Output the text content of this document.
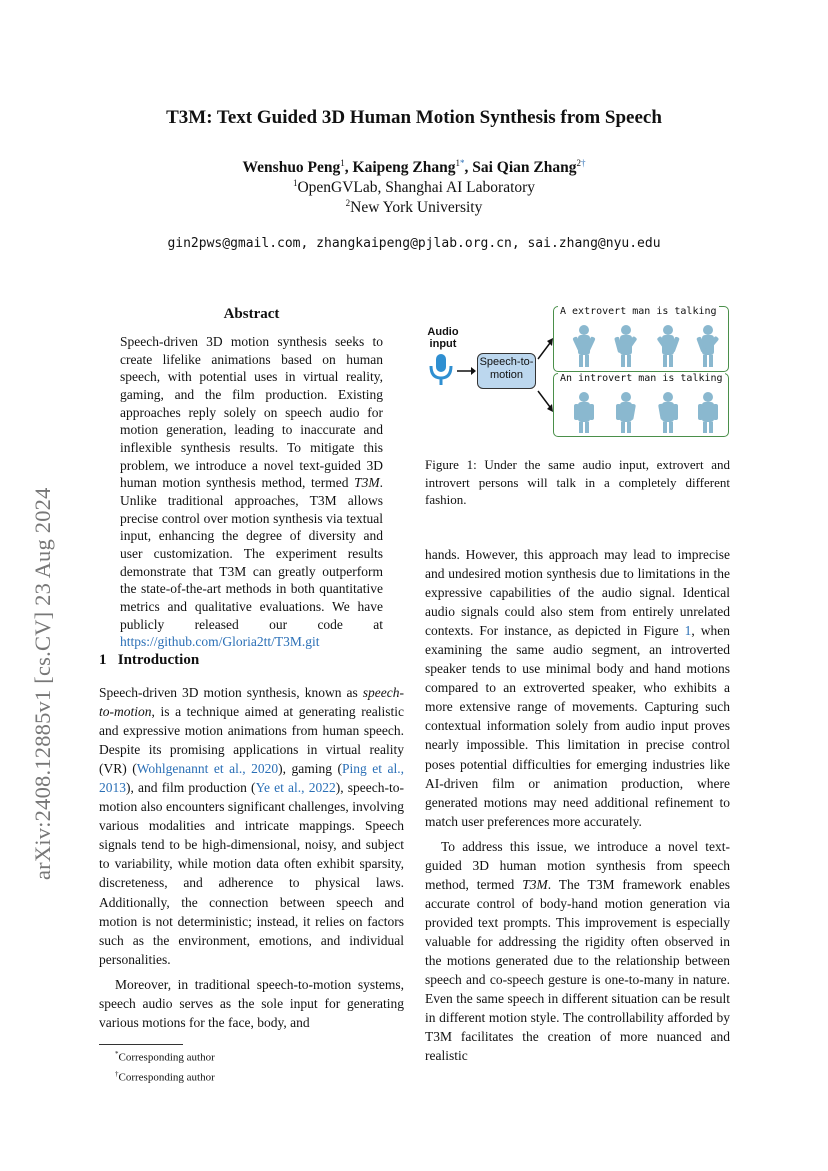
arXiv:2408.12885v1 [cs.CV] 23 Aug 2024
T3M: Text Guided 3D Human Motion Synthesis from Speech
Wenshuo Peng$^1$, Kaipeng Zhang$^{1*}$, Sai Qian Zhang$^{2\dagger}$
$^1$OpenGVLab, Shanghai AI Laboratory
$^2$New York University
gin2pws@gmail.com, zhangkaipeng@pjlab.org.cn, sai.zhang@nyu.edu
Abstract
Speech-driven 3D motion synthesis seeks to create lifelike animations based on human speech, with potential uses in virtual reality, gaming, and the film production. Existing approaches reply solely on speech audio for motion generation, leading to inaccurate and inflexible synthesis results. To mitigate this problem, we introduce a novel text-guided 3D human motion synthesis method, termed T3M. Unlike traditional approaches, T3M allows precise control over motion synthesis via textual input, enhancing the degree of diversity and user customization. The experiment results demonstrate that T3M can greatly outperform the state-of-the-art methods in both quantitative metrics and qualitative evaluations. We have publicly released our code at https://github.com/Gloria2tt/T3M.git
1 Introduction

Speech-driven 3D motion synthesis, known as speech-to-motion, is a technique aimed at generating realistic and expressive motion animations from human speech. Despite its promising applications in virtual reality (VR) (Wohlgenannt et al., 2020), gaming (Ping et al., 2013), and film production (Ye et al., 2022), speech-to-motion also encounters significant challenges, involving various modalities and intricate mappings. Speech signals tend to be high-dimensional, noisy, and subject to variability, while motion data often exhibit sparsity, discreteness, and adherence to physical laws. Additionally, the connection between speech and motion is not deterministic; instead, it relies on factors such as the environment, emotions, and individual personalities.

Moreover, in traditional speech-to-motion systems, speech audio serves as the sole input for generating various motions for the face, body, and

*Corresponding author
†Corresponding author
Audio input
Speech-to-motion
A extrovert man is talking
An introvert man is talking
Figure 1: Under the same audio input, extrovert and introvert persons will talk in a completely different fashion.

hands. However, this approach may lead to imprecise and undesired motion synthesis due to limitations in the expressive capabilities of the audio signal. Identical audio signals could also stem from entirely unrelated contexts. For instance, as depicted in Figure 1, when examining the same audio segment, an introverted speaker tends to use minimal body and hand motions compared to an extroverted speaker, who exhibits a more extensive range of movements. Capturing such contextual information solely from audio input proves nearly impossible. This limitation in precise control poses potential difficulties for emerging industries like AI-driven film or animation production, where generated motions may need additional refinement to match user preferences more accurately.

To address this issue, we introduce a novel text-guided 3D human motion synthesis from speech method, termed T3M. The T3M framework enables accurate control of body-hand motion generation via provided text prompts. This improvement is especially valuable for addressing the rigidity often observed in the motions generated due to the relationship between speech and co-speech gesture is one-to-many in nature. Even the same speech in different situation can be result in different motion style. The controllability afforded by T3M facilitates the creation of more nuanced and realistic
